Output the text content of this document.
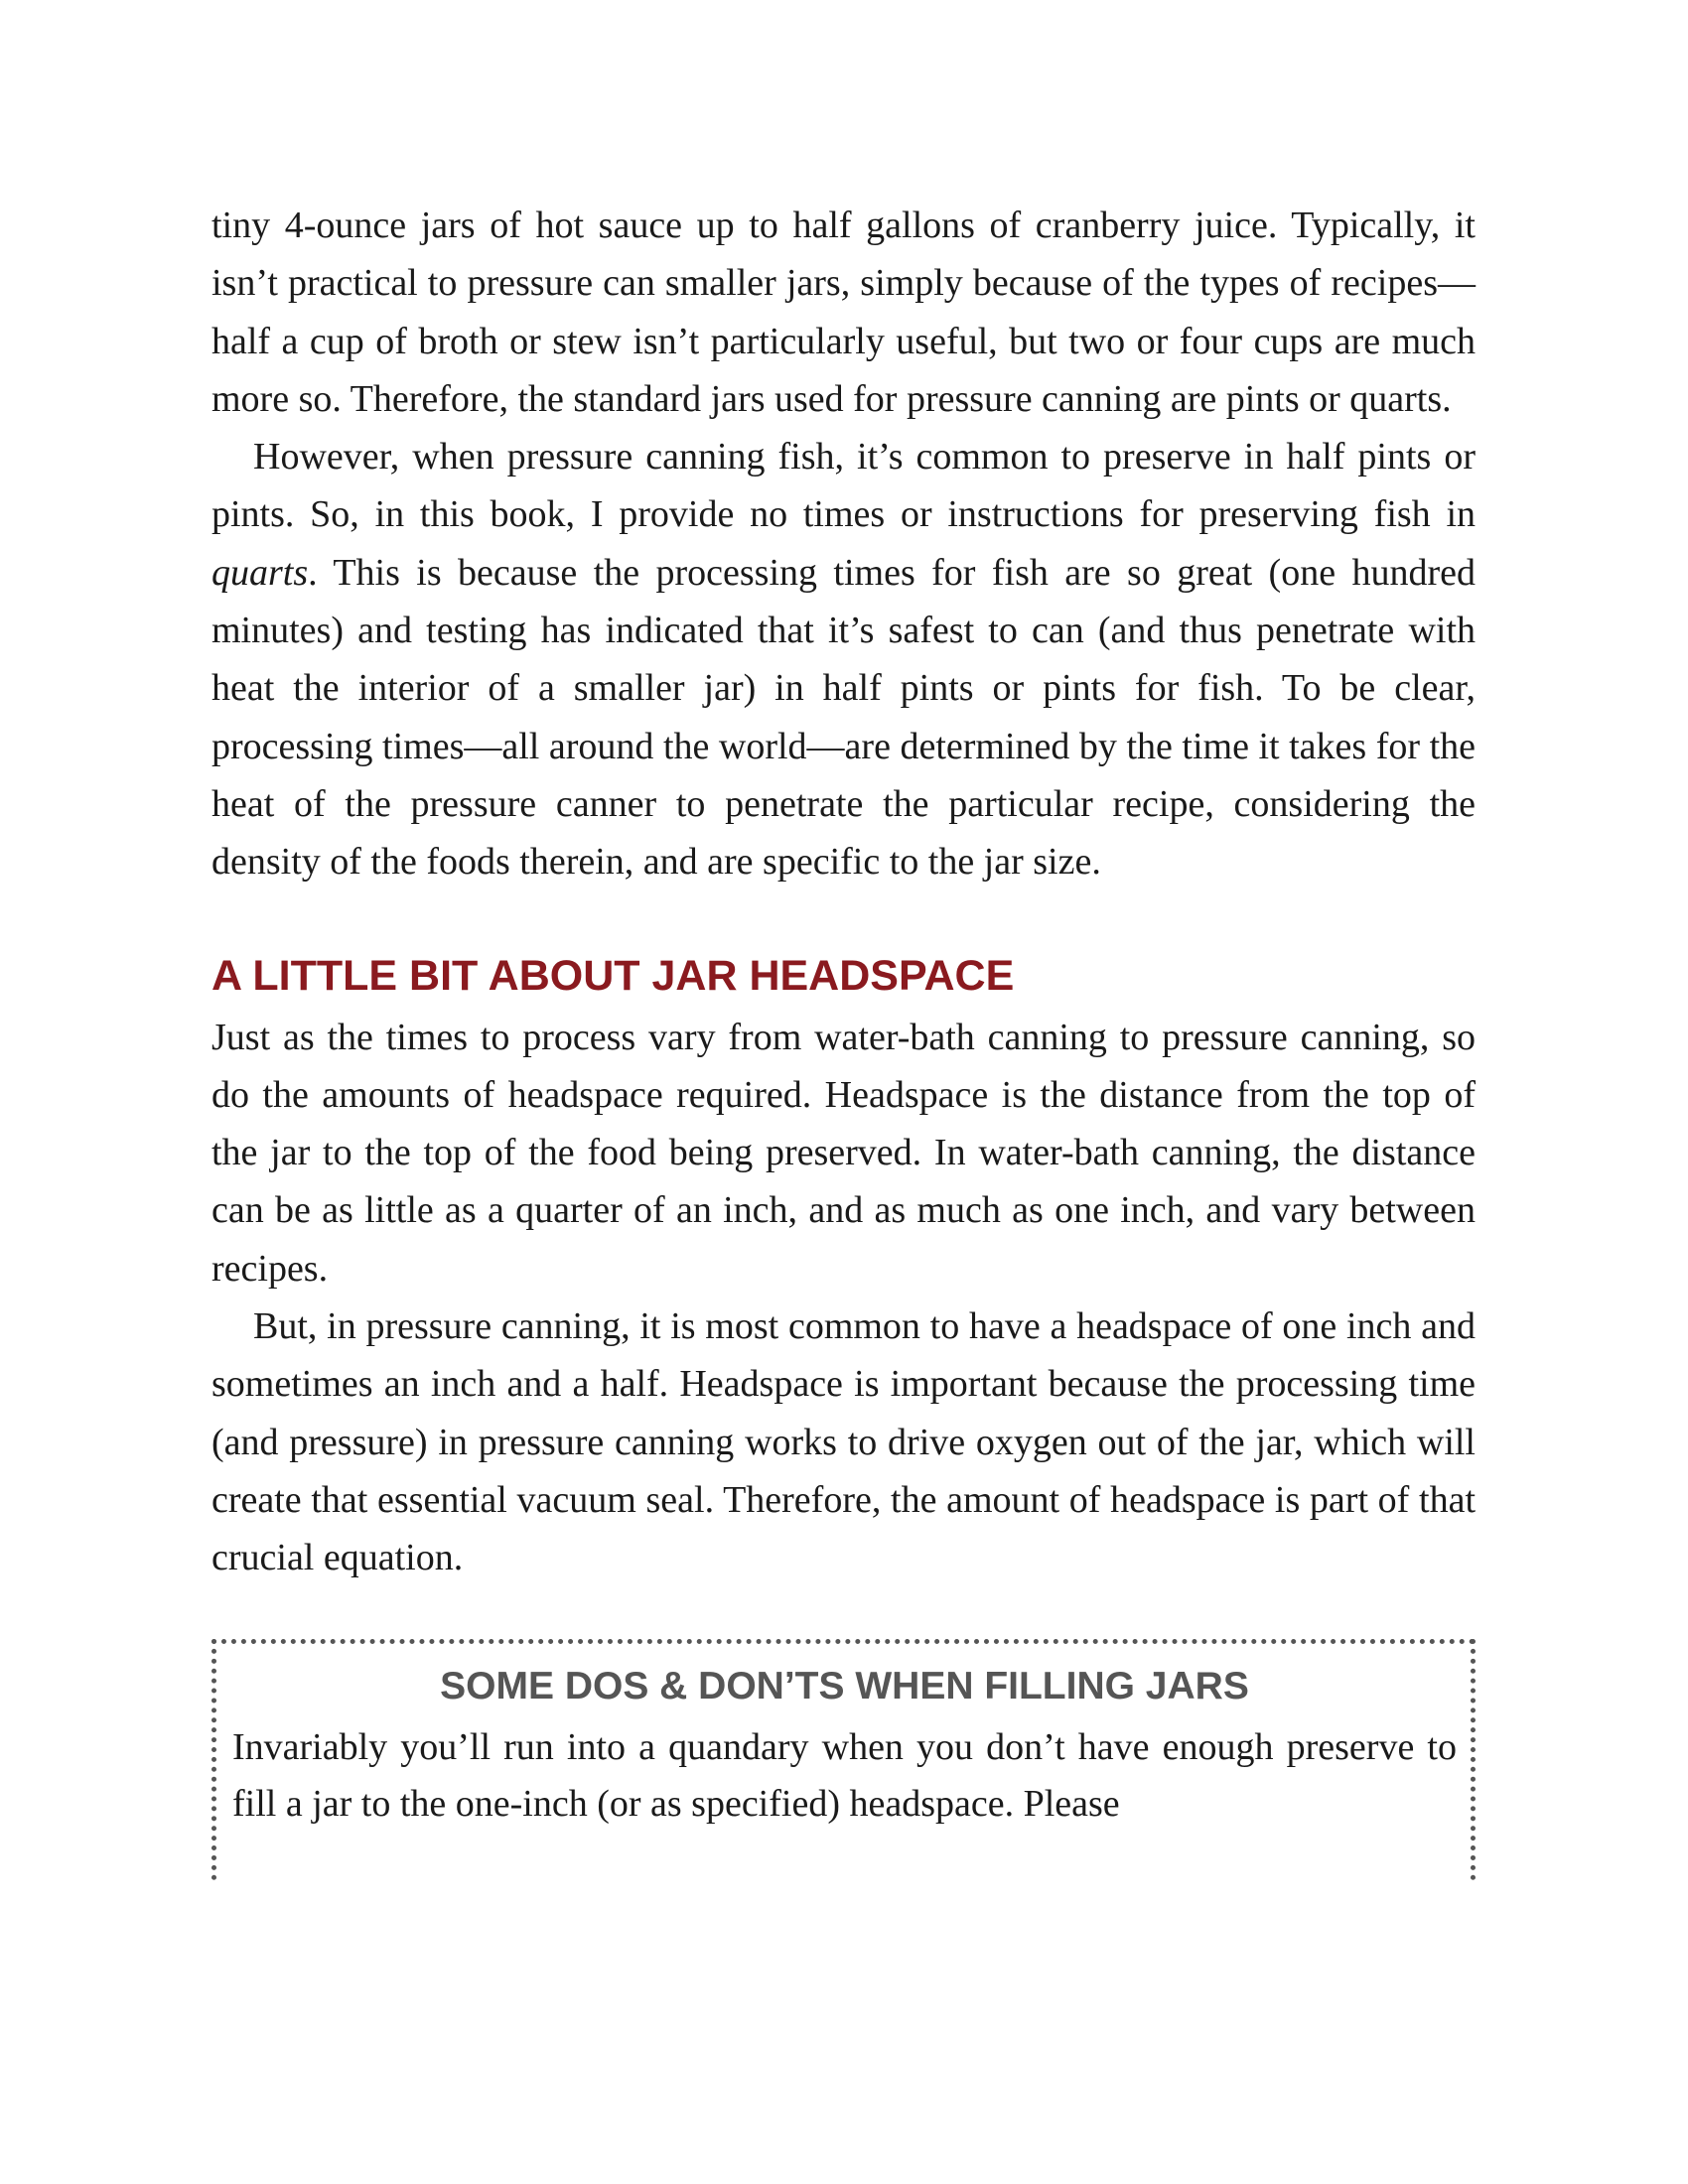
tiny 4-ounce jars of hot sauce up to half gallons of cranberry juice. Typically, it isn’t practical to pressure can smaller jars, simply because of the types of recipes—half a cup of broth or stew isn’t particularly useful, but two or four cups are much more so. Therefore, the standard jars used for pressure canning are pints or quarts.

However, when pressure canning fish, it’s common to preserve in half pints or pints. So, in this book, I provide no times or instructions for preserving fish in quarts. This is because the processing times for fish are so great (one hundred minutes) and testing has indicated that it’s safest to can (and thus penetrate with heat the interior of a smaller jar) in half pints or pints for fish. To be clear, processing times—all around the world—are determined by the time it takes for the heat of the pressure canner to penetrate the particular recipe, considering the density of the foods therein, and are specific to the jar size.

A LITTLE BIT ABOUT JAR HEADSPACE

Just as the times to process vary from water-bath canning to pressure canning, so do the amounts of headspace required. Headspace is the distance from the top of the jar to the top of the food being preserved. In water-bath canning, the distance can be as little as a quarter of an inch, and as much as one inch, and vary between recipes.

But, in pressure canning, it is most common to have a headspace of one inch and sometimes an inch and a half. Headspace is important because the processing time (and pressure) in pressure canning works to drive oxygen out of the jar, which will create that essential vacuum seal. Therefore, the amount of headspace is part of that crucial equation.

SOME DOS & DON’TS WHEN FILLING JARS

Invariably you’ll run into a quandary when you don’t have enough preserve to fill a jar to the one-inch (or as specified) headspace. Please
